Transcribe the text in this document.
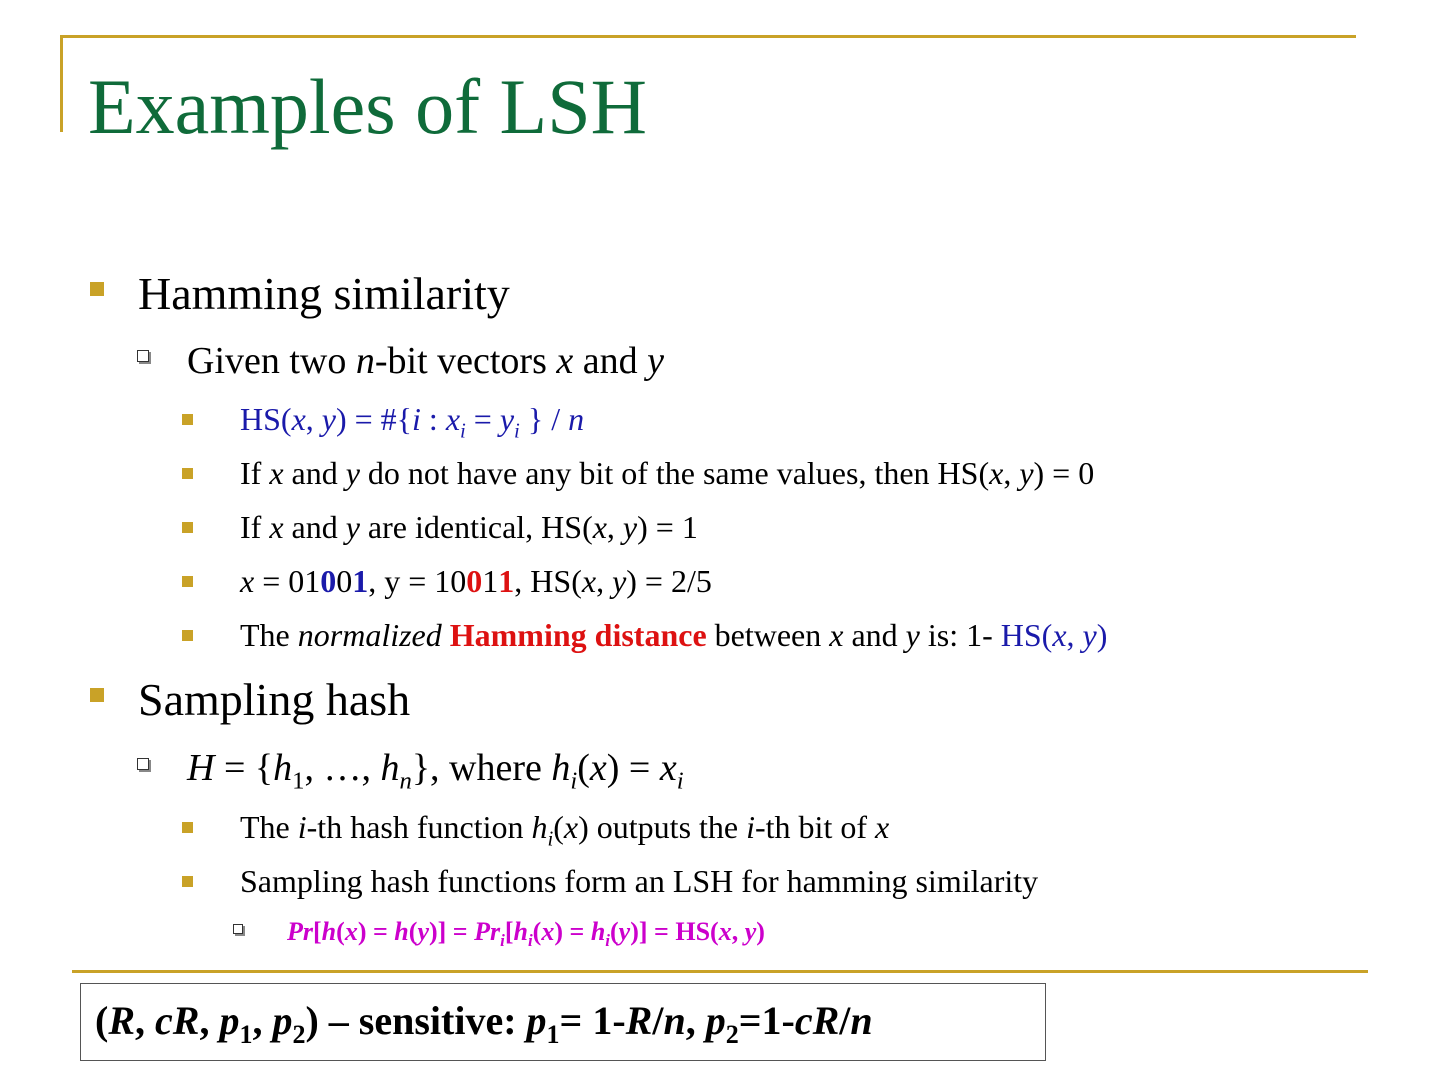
Examples of LSH
Hamming similarity
Given two n-bit vectors x and y
HS(x, y) = #{i : $x_i = y_i$ } / n
If x and y do not have any bit of the same values, then HS(x, y) = 0
If x and y are identical, HS(x, y) = 1
x = 01001, y = 10011, HS(x, y) = 2/5
The normalized Hamming distance between x and y is: 1- HS(x, y)
Sampling hash
$H = \{h_1$, …, $h_n$}, where $h_i(x) = x_i$
The i-th hash function $h_i(x)$ outputs the i-th bit of x
Sampling hash functions form an LSH for hamming similarity
$Pr[h(x) = h(y)] = Pr_i[h_i(x) = h_i(y)] = HS(x$, y)
(R, cR, $p_1$, $p_2$) – sensitive: $p_1= 1-R/n$, $p_2=1-cR/n$
